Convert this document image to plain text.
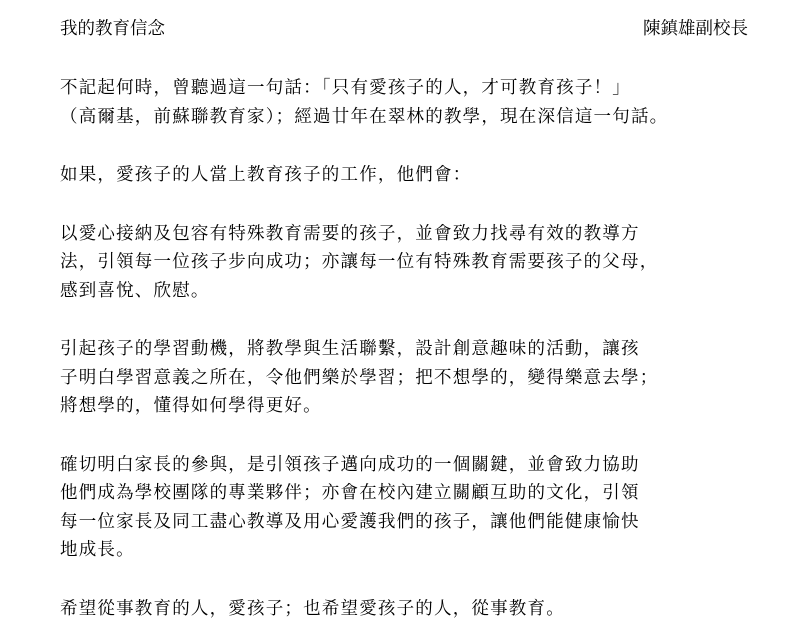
我的教育信念	陳鎮雄副校長
不記起何時，曾聽過這一句話：「只有愛孩子的人，才可教育孩子！」
（高爾基，前蘇聯教育家）；經過廿年在翠林的教學，現在深信這一句話。
如果，愛孩子的人當上教育孩子的工作，他們會：
以愛心接納及包容有特殊教育需要的孩子，並會致力找尋有效的教導方
法，引領每一位孩子步向成功；亦讓每一位有特殊教育需要孩子的父母，
感到喜悅、欣慰。
引起孩子的學習動機，將教學與生活聯繫，設計創意趣味的活動，讓孩
子明白學習意義之所在，令他們樂於學習；把不想學的，變得樂意去學；
將想學的，懂得如何學得更好。
確切明白家長的參與，是引領孩子邁向成功的一個關鍵，並會致力協助
他們成為學校團隊的專業夥伴；亦會在校內建立關顧互助的文化，引領
每一位家長及同工盡心教導及用心愛護我們的孩子，讓他們能健康愉快
地成長。
希望從事教育的人，愛孩子；也希望愛孩子的人，從事教育。
